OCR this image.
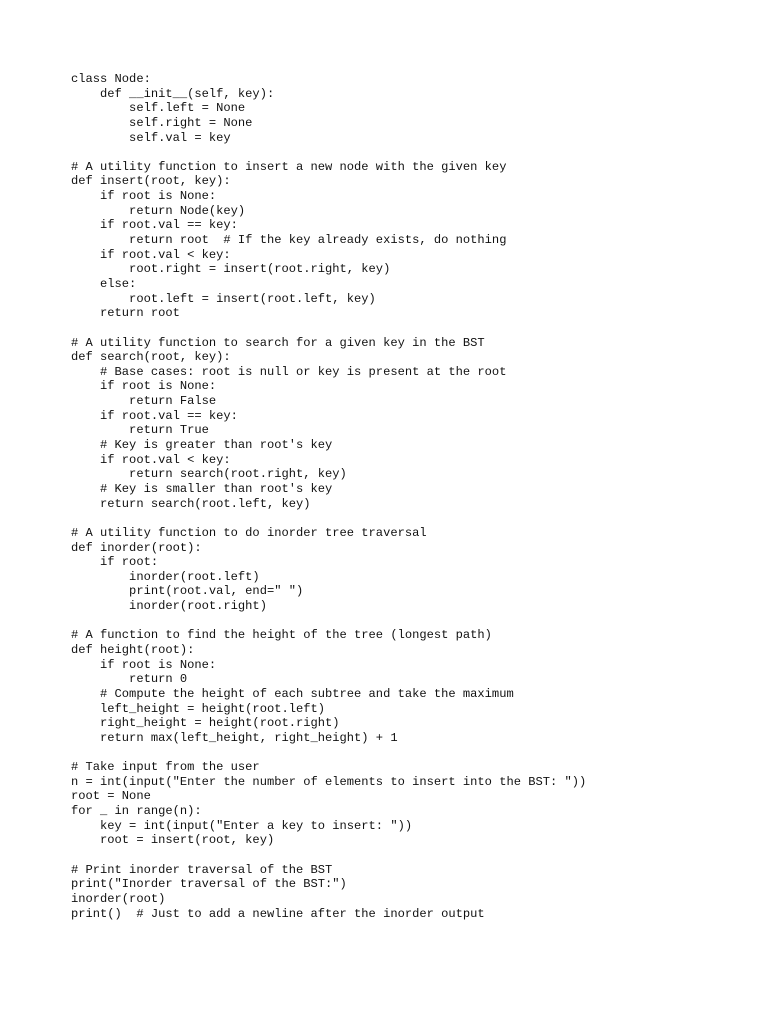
class Node:
def __init__(self, key):
self.left = None
self.right = None
self.val = key
# A utility function to insert a new node with the given key
def insert(root, key):
if root is None:
return Node(key)
if root.val == key:
return root  # If the key already exists, do nothing
if root.val < key:
root.right = insert(root.right, key)
else:
root.left = insert(root.left, key)
return root
# A utility function to search for a given key in the BST
def search(root, key):
# Base cases: root is null or key is present at the root
if root is None:
return False
if root.val == key:
return True
# Key is greater than root's key
if root.val < key:
return search(root.right, key)
# Key is smaller than root's key
return search(root.left, key)
# A utility function to do inorder tree traversal
def inorder(root):
if root:
inorder(root.left)
print(root.val, end=" ")
inorder(root.right)
# A function to find the height of the tree (longest path)
def height(root):
if root is None:
return 0
# Compute the height of each subtree and take the maximum
left_height = height(root.left)
right_height = height(root.right)
return max(left_height, right_height) + 1
# Take input from the user
n = int(input("Enter the number of elements to insert into the BST: "))
root = None
for _ in range(n):
key = int(input("Enter a key to insert: "))
root = insert(root, key)
# Print inorder traversal of the BST
print("Inorder traversal of the BST:")
inorder(root)
print()  # Just to add a newline after the inorder output
